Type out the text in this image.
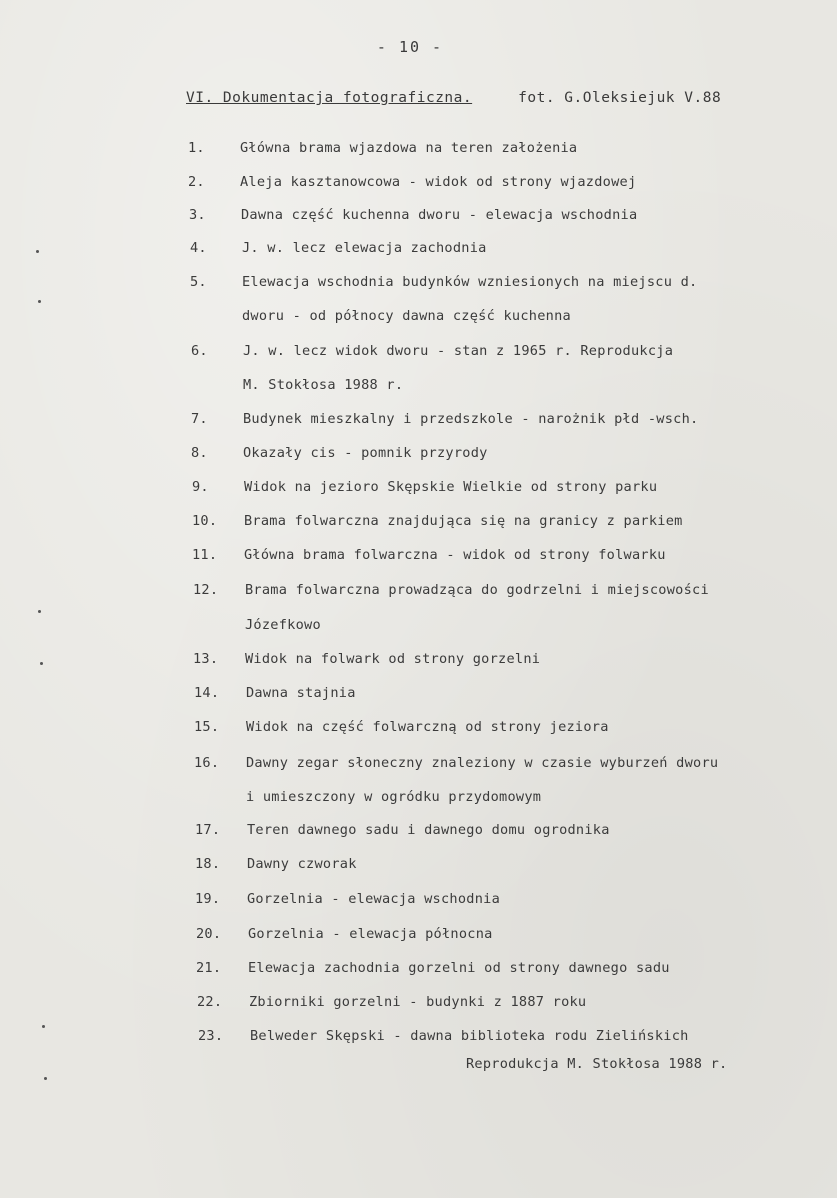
- 10 -
VI. Dokumentacja fotograficzna.	fot. G.Oleksiejuk V.88
1.	Główna brama wjazdowa na teren założenia
2.	Aleja kasztanowcowa - widok od strony wjazdowej
3.	Dawna część kuchenna dworu - elewacja wschodnia
4.	J. w. lecz elewacja zachodnia
5.	Elewacja wschodnia budynków wzniesionych na miejscu d.
dworu - od północy dawna część kuchenna
6.	J. w. lecz widok dworu - stan z 1965 r. Reprodukcja
M. Stokłosa 1988 r.
7.	Budynek mieszkalny i przedszkole - narożnik płd -wsch.
8.	Okazały cis - pomnik przyrody
9.	Widok na jezioro Skępskie Wielkie od strony parku
10. Brama folwarczna znajdująca się na granicy z parkiem
11. Główna brama folwarczna - widok od strony folwarku
12. Brama folwarczna prowadząca do godrzelni i miejscowości
Józefkowo
13. Widok na folwark od strony gorzelni
14. Dawna stajnia
15. Widok na część folwarczną od strony jeziora
16. Dawny zegar słoneczny znaleziony w czasie wyburzeń dworu
i umieszczony w ogródku przydomowym
17. Teren dawnego sadu i dawnego domu ogrodnika
18. Dawny czworak
19. Gorzelnia - elewacja wschodnia
20. Gorzelnia - elewacja północna
21. Elewacja zachodnia gorzelni od strony dawnego sadu
22. Zbiorniki gorzelni - budynki z 1887 roku
23. Belweder Skępski - dawna biblioteka rodu Zielińskich
Reprodukcja M. Stokłosa 1988 r.
